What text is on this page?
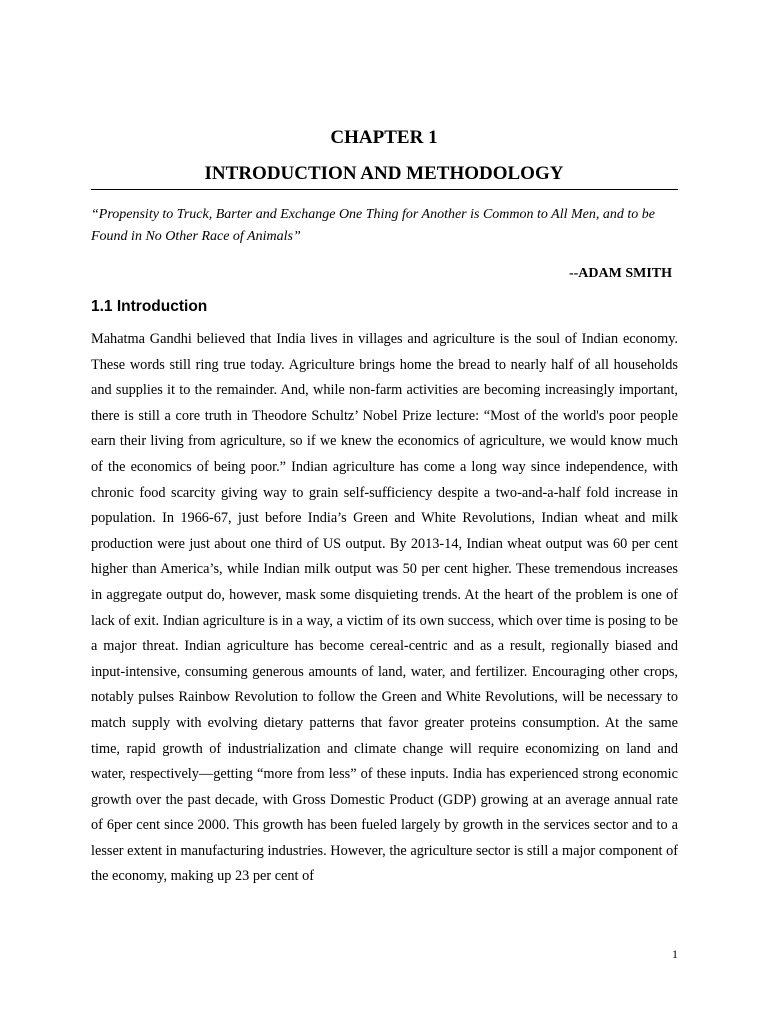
CHAPTER 1
INTRODUCTION AND METHODOLOGY

“Propensity to Truck, Barter and Exchange One Thing for Another is Common to All Men, and to be Found in No Other Race of Animals”

--ADAM SMITH

1.1 Introduction

Mahatma Gandhi believed that India lives in villages and agriculture is the soul of Indian economy. These words still ring true today. Agriculture brings home the bread to nearly half of all households and supplies it to the remainder. And, while non-farm activities are becoming increasingly important, there is still a core truth in Theodore Schultz’ Nobel Prize lecture: “Most of the world's poor people earn their living from agriculture, so if we knew the economics of agriculture, we would know much of the economics of being poor.” Indian agriculture has come a long way since independence, with chronic food scarcity giving way to grain self-sufficiency despite a two-and-a-half fold increase in population. In 1966-67, just before India’s Green and White Revolutions, Indian wheat and milk production were just about one third of US output. By 2013-14, Indian wheat output was 60 per cent higher than America’s, while Indian milk output was 50 per cent higher. These tremendous increases in aggregate output do, however, mask some disquieting trends. At the heart of the problem is one of lack of exit. Indian agriculture is in a way, a victim of its own success, which over time is posing to be a major threat. Indian agriculture has become cereal-centric and as a result, regionally biased and input-intensive, consuming generous amounts of land, water, and fertilizer. Encouraging other crops, notably pulses Rainbow Revolution to follow the Green and White Revolutions, will be necessary to match supply with evolving dietary patterns that favor greater proteins consumption. At the same time, rapid growth of industrialization and climate change will require economizing on land and water, respectively—getting “more from less” of these inputs. India has experienced strong economic growth over the past decade, with Gross Domestic Product (GDP) growing at an average annual rate of 6per cent since 2000. This growth has been fueled largely by growth in the services sector and to a lesser extent in manufacturing industries. However, the agriculture sector is still a major component of the economy, making up 23 per cent of

1
